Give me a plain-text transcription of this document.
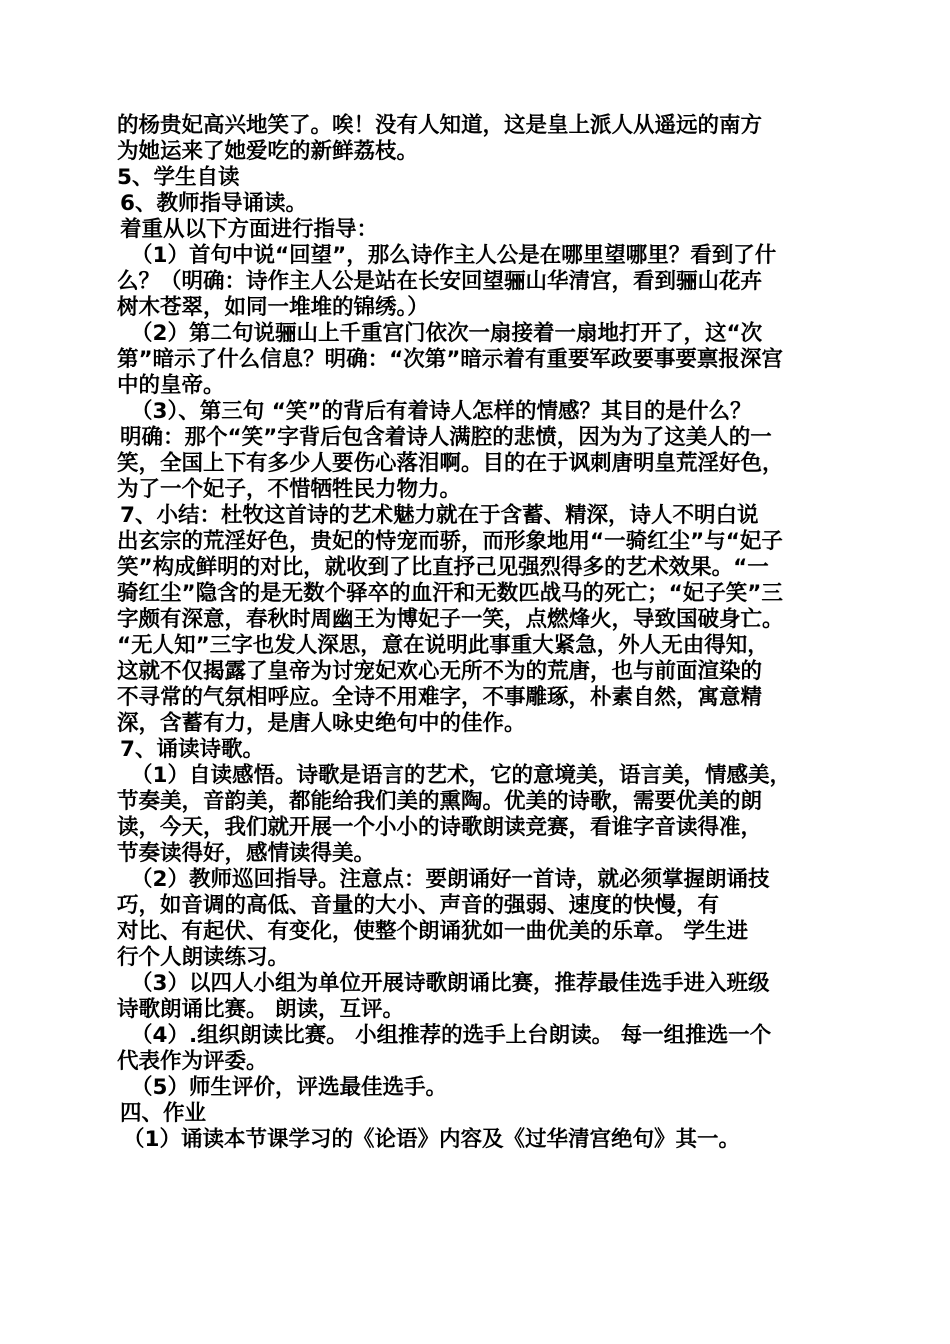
的杨贵妃高兴地笑了。唉！没有人知道，这是皇上派人从遥远的南方
为她运来了她爱吃的新鲜荔枝。
5、学生自读
6、教师指导诵读。
着重从以下方面进行指导：
（1）首句中说“回望”，那么诗作主人公是在哪里望哪里？看到了什
么？（明确：诗作主人公是站在长安回望骊山华清宫，看到骊山花卉
树木苍翠，如同一堆堆的锦绣。）
（2）第二句说骊山上千重宫门依次一扇接着一扇地打开了，这“次
第”暗示了什么信息？明确：“次第”暗示着有重要军政要事要禀报深宫
中的皇帝。
（3）、第三句 “笑”的背后有着诗人怎样的情感？其目的是什么？
明确：那个“笑”字背后包含着诗人满腔的悲愤，因为为了这美人的一
笑，全国上下有多少人要伤心落泪啊。目的在于讽刺唐明皇荒淫好色，
为了一个妃子，不惜牺牲民力物力。
7、小结：杜牧这首诗的艺术魅力就在于含蓄、精深，诗人不明白说
出玄宗的荒淫好色，贵妃的恃宠而骄，而形象地用“一骑红尘”与“妃子
笑”构成鲜明的对比，就收到了比直抒己见强烈得多的艺术效果。“一
骑红尘”隐含的是无数个驿卒的血汗和无数匹战马的死亡；“妃子笑”三
字颇有深意，春秋时周幽王为博妃子一笑，点燃烽火，导致国破身亡。
“无人知”三字也发人深思，意在说明此事重大紧急，外人无由得知，
这就不仅揭露了皇帝为讨宠妃欢心无所不为的荒唐，也与前面渲染的
不寻常的气氛相呼应。全诗不用难字，不事雕琢，朴素自然，寓意精
深，含蓄有力，是唐人咏史绝句中的佳作。
7、诵读诗歌。
（1）自读感悟。诗歌是语言的艺术，它的意境美，语言美，情感美，
节奏美，音韵美，都能给我们美的熏陶。优美的诗歌，需要优美的朗
读，今天，我们就开展一个小小的诗歌朗读竞赛，看谁字音读得准，
节奏读得好，感情读得美。
（2）教师巡回指导。注意点：要朗诵好一首诗，就必须掌握朗诵技
巧，如音调的高低、音量的大小、声音的强弱、速度的快慢，有
对比、有起伏、有变化，使整个朗诵犹如一曲优美的乐章。 学生进
行个人朗读练习。
（3）以四人小组为单位开展诗歌朗诵比赛，推荐最佳选手进入班级
诗歌朗诵比赛。 朗读，互评。
（4）.组织朗读比赛。 小组推荐的选手上台朗读。 每一组推选一个
代表作为评委。
（5）师生评价，评选最佳选手。
四、作业
（1）诵读本节课学习的《论语》内容及《过华清宫绝句》其一。
